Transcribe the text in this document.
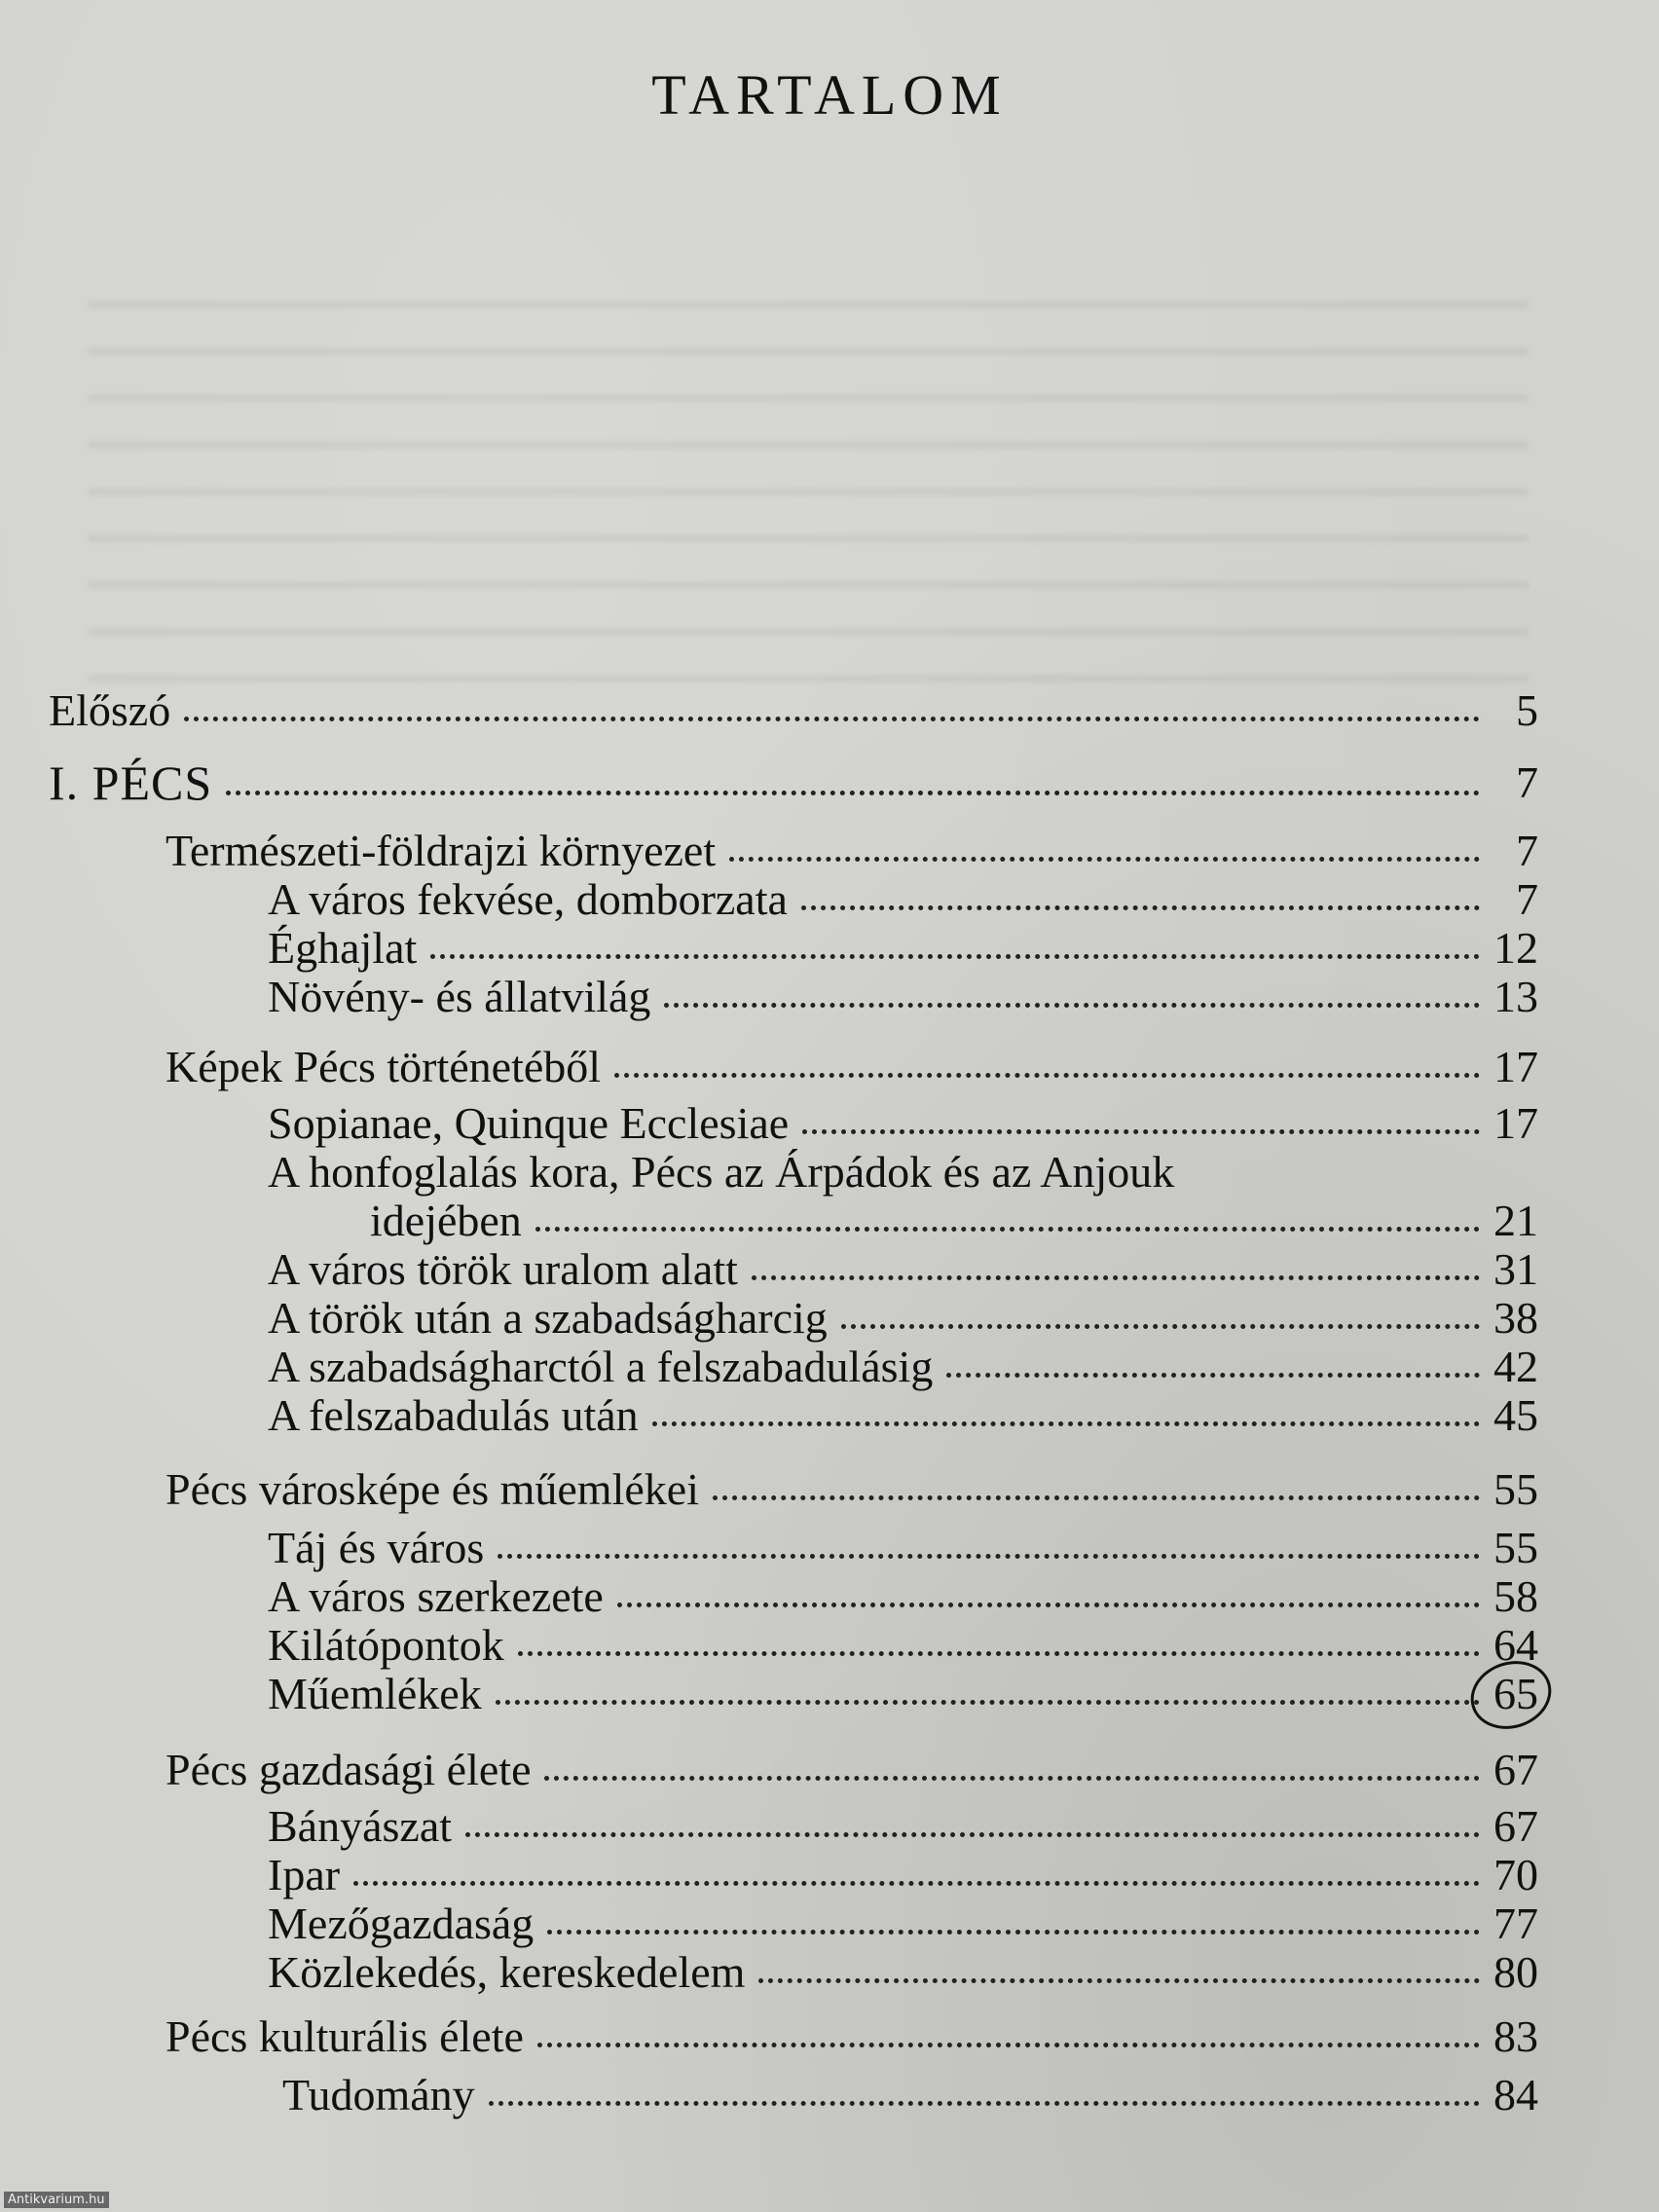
TARTALOM
Előszó	5
I. PÉCS	7
Természeti-földrajzi környezet	7
A város fekvése, domborzata	7
Éghajlat	12
Növény- és állatvilág	13
Képek Pécs történetéből	17
Sopianae, Quinque Ecclesiae	17
A honfoglalás kora, Pécs az Árpádok és az Anjouk
idejében	21
A város török uralom alatt	31
A török után a szabadságharcig	38
A szabadságharctól a felszabadulásig	42
A felszabadulás után	45
Pécs városképe és műemlékei	55
Táj és város	55
A város szerkezete	58
Kilátópontok	64
Műemlékek	65
Pécs gazdasági élete	67
Bányászat	67
Ipar	70
Mezőgazdaság	77
Közlekedés, kereskedelem	80
Pécs kulturális élete	83
Tudomány	84
Antikvarium.hu
